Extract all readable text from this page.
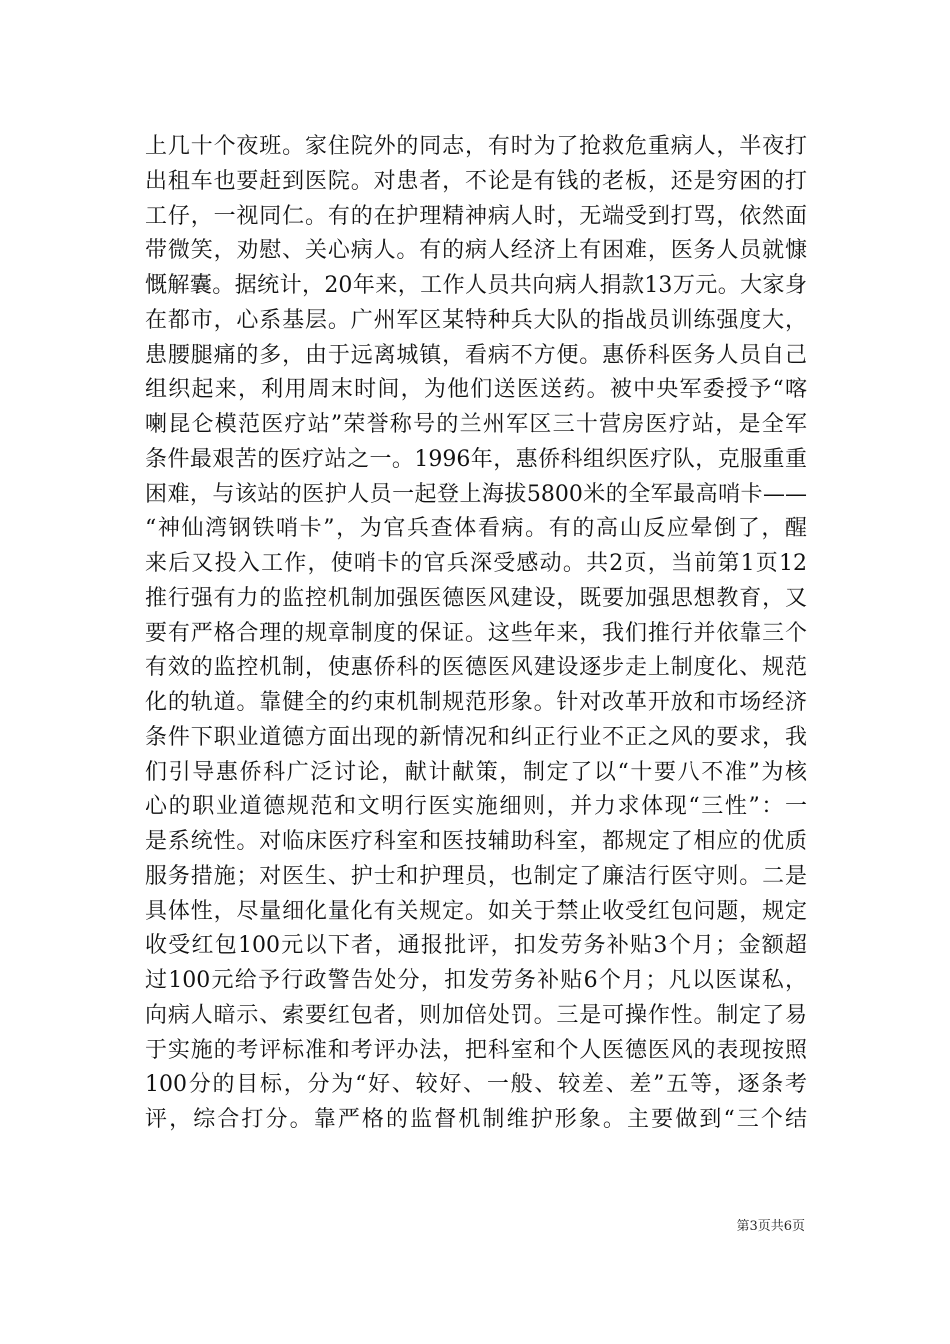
上几十个夜班。家住院外的同志，有时为了抢救危重病人，半夜打
出租车也要赶到医院。对患者，不论是有钱的老板，还是穷困的打
工仔，一视同仁。有的在护理精神病人时，无端受到打骂，依然面
带微笑，劝慰、关心病人。有的病人经济上有困难，医务人员就慷
慨解囊。据统计，20年来，工作人员共向病人捐款13万元。大家身
在都市，心系基层。广州军区某特种兵大队的指战员训练强度大，
患腰腿痛的多，由于远离城镇，看病不方便。惠侨科医务人员自己
组织起来，利用周末时间，为他们送医送药。被中央军委授予“喀
喇昆仑模范医疗站”荣誉称号的兰州军区三十营房医疗站，是全军
条件最艰苦的医疗站之一。1996年，惠侨科组织医疗队，克服重重
困难，与该站的医护人员一起登上海拔5800米的全军最高哨卡——
“神仙湾钢铁哨卡”，为官兵查体看病。有的高山反应晕倒了，醒
来后又投入工作，使哨卡的官兵深受感动。共2页，当前第1页12
推行强有力的监控机制加强医德医风建设，既要加强思想教育，又
要有严格合理的规章制度的保证。这些年来，我们推行并依靠三个
有效的监控机制，使惠侨科的医德医风建设逐步走上制度化、规范
化的轨道。靠健全的约束机制规范形象。针对改革开放和市场经济
条件下职业道德方面出现的新情况和纠正行业不正之风的要求，我
们引导惠侨科广泛讨论，献计献策，制定了以“十要八不准”为核
心的职业道德规范和文明行医实施细则，并力求体现“三性”：一
是系统性。对临床医疗科室和医技辅助科室，都规定了相应的优质
服务措施；对医生、护士和护理员，也制定了廉洁行医守则。二是
具体性，尽量细化量化有关规定。如关于禁止收受红包问题，规定
收受红包100元以下者，通报批评，扣发劳务补贴3个月；金额超
过100元给予行政警告处分，扣发劳务补贴6个月；凡以医谋私，
向病人暗示、索要红包者，则加倍处罚。三是可操作性。制定了易
于实施的考评标准和考评办法，把科室和个人医德医风的表现按照
100分的目标，分为“好、较好、一般、较差、差”五等，逐条考
评，综合打分。靠严格的监督机制维护形象。主要做到“三个结
第3页共6页
